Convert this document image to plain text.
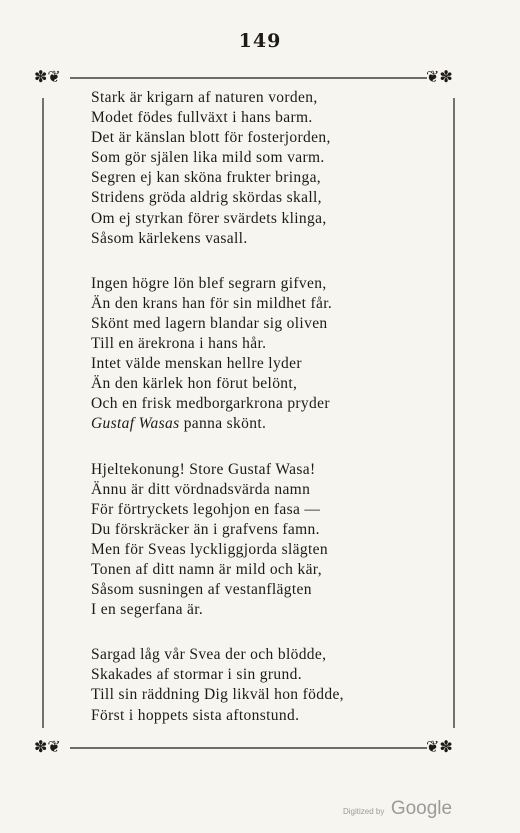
149
✽❦	❦✽
✽❦	❦✽
Stark är krigarn af naturen vorden,
Modet födes fullväxt i hans barm.
Det är känslan blott för fosterjorden,
Som gör själen lika mild som varm.
Segren ej kan sköna frukter bringa,
Stridens gröda aldrig skördas skall,
Om ej styrkan förer svärdets klinga,
Såsom kärlekens vasall.
Ingen högre lön blef segrarn gifven,
Än den krans han för sin mildhet får.
Skönt med lagern blandar sig oliven
Till en ärekrona i hans hår.
Intet välde menskan hellre lyder
Än den kärlek hon förut belönt,
Och en frisk medborgarkrona pryder
Gustaf Wasas panna skönt.
Hjeltekonung! Store Gustaf Wasa!
Ännu är ditt vördnadsvärda namn
För förtryckets legohjon en fasa —
Du förskräcker än i grafvens famn.
Men för Sveas lyckliggjorda slägten
Tonen af ditt namn är mild och kär,
Såsom susningen af vestanflägten
I en segerfana är.
Sargad låg vår Svea der och blödde,
Skakades af stormar i sin grund.
Till sin räddning Dig likväl hon födde,
Först i hoppets sista aftonstund.
Digitized by Google
